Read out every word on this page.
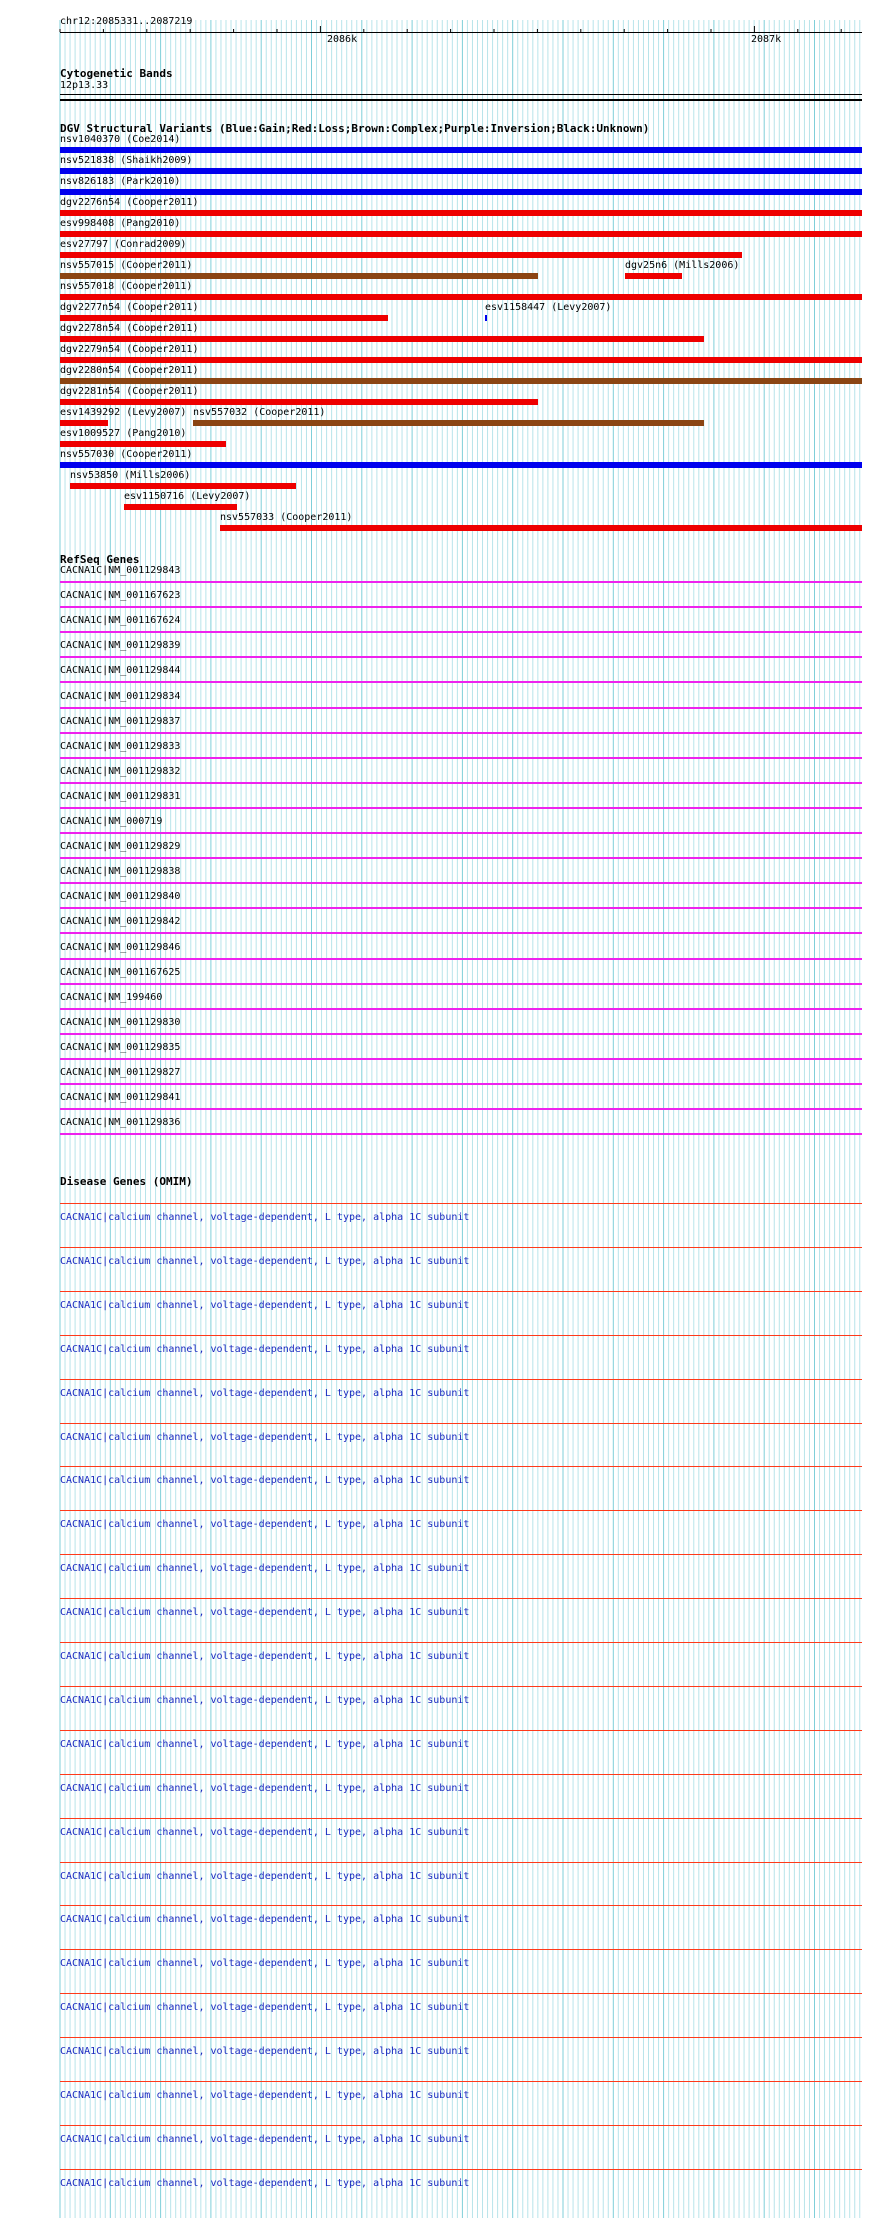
chr12:2085331..2087219
2086k	2087k
Cytogenetic Bands
12p13.33
DGV Structural Variants (Blue:Gain;Red:Loss;Brown:Complex;Purple:Inversion;Black:Unknown)
nsv1040370 (Coe2014)
nsv521838 (Shaikh2009)
nsv826183 (Park2010)
dgv2276n54 (Cooper2011)
esv998408 (Pang2010)
esv27797 (Conrad2009)
nsv557015 (Cooper2011)	dgv25n6 (Mills2006)
nsv557018 (Cooper2011)
dgv2277n54 (Cooper2011)	esv1158447 (Levy2007)
dgv2278n54 (Cooper2011)
dgv2279n54 (Cooper2011)
dgv2280n54 (Cooper2011)
dgv2281n54 (Cooper2011)
esv1439292 (Levy2007) nsv557032 (Cooper2011)
esv1009527 (Pang2010)
nsv557030 (Cooper2011)
nsv53850 (Mills2006)
esv1150716 (Levy2007)
nsv557033 (Cooper2011)
RefSeq Genes
CACNA1C|NM_001129843
CACNA1C|NM_001167623
CACNA1C|NM_001167624
CACNA1C|NM_001129839
CACNA1C|NM_001129844
CACNA1C|NM_001129834
CACNA1C|NM_001129837
CACNA1C|NM_001129833
CACNA1C|NM_001129832
CACNA1C|NM_001129831
CACNA1C|NM_000719
CACNA1C|NM_001129829
CACNA1C|NM_001129838
CACNA1C|NM_001129840
CACNA1C|NM_001129842
CACNA1C|NM_001129846
CACNA1C|NM_001167625
CACNA1C|NM_199460
CACNA1C|NM_001129830
CACNA1C|NM_001129835
CACNA1C|NM_001129827
CACNA1C|NM_001129841
CACNA1C|NM_001129836
Disease Genes (OMIM)
CACNA1C|calcium channel, voltage-dependent, L type, alpha 1C subunit
CACNA1C|calcium channel, voltage-dependent, L type, alpha 1C subunit
CACNA1C|calcium channel, voltage-dependent, L type, alpha 1C subunit
CACNA1C|calcium channel, voltage-dependent, L type, alpha 1C subunit
CACNA1C|calcium channel, voltage-dependent, L type, alpha 1C subunit
CACNA1C|calcium channel, voltage-dependent, L type, alpha 1C subunit
CACNA1C|calcium channel, voltage-dependent, L type, alpha 1C subunit
CACNA1C|calcium channel, voltage-dependent, L type, alpha 1C subunit
CACNA1C|calcium channel, voltage-dependent, L type, alpha 1C subunit
CACNA1C|calcium channel, voltage-dependent, L type, alpha 1C subunit
CACNA1C|calcium channel, voltage-dependent, L type, alpha 1C subunit
CACNA1C|calcium channel, voltage-dependent, L type, alpha 1C subunit
CACNA1C|calcium channel, voltage-dependent, L type, alpha 1C subunit
CACNA1C|calcium channel, voltage-dependent, L type, alpha 1C subunit
CACNA1C|calcium channel, voltage-dependent, L type, alpha 1C subunit
CACNA1C|calcium channel, voltage-dependent, L type, alpha 1C subunit
CACNA1C|calcium channel, voltage-dependent, L type, alpha 1C subunit
CACNA1C|calcium channel, voltage-dependent, L type, alpha 1C subunit
CACNA1C|calcium channel, voltage-dependent, L type, alpha 1C subunit
CACNA1C|calcium channel, voltage-dependent, L type, alpha 1C subunit
CACNA1C|calcium channel, voltage-dependent, L type, alpha 1C subunit
CACNA1C|calcium channel, voltage-dependent, L type, alpha 1C subunit
CACNA1C|calcium channel, voltage-dependent, L type, alpha 1C subunit
